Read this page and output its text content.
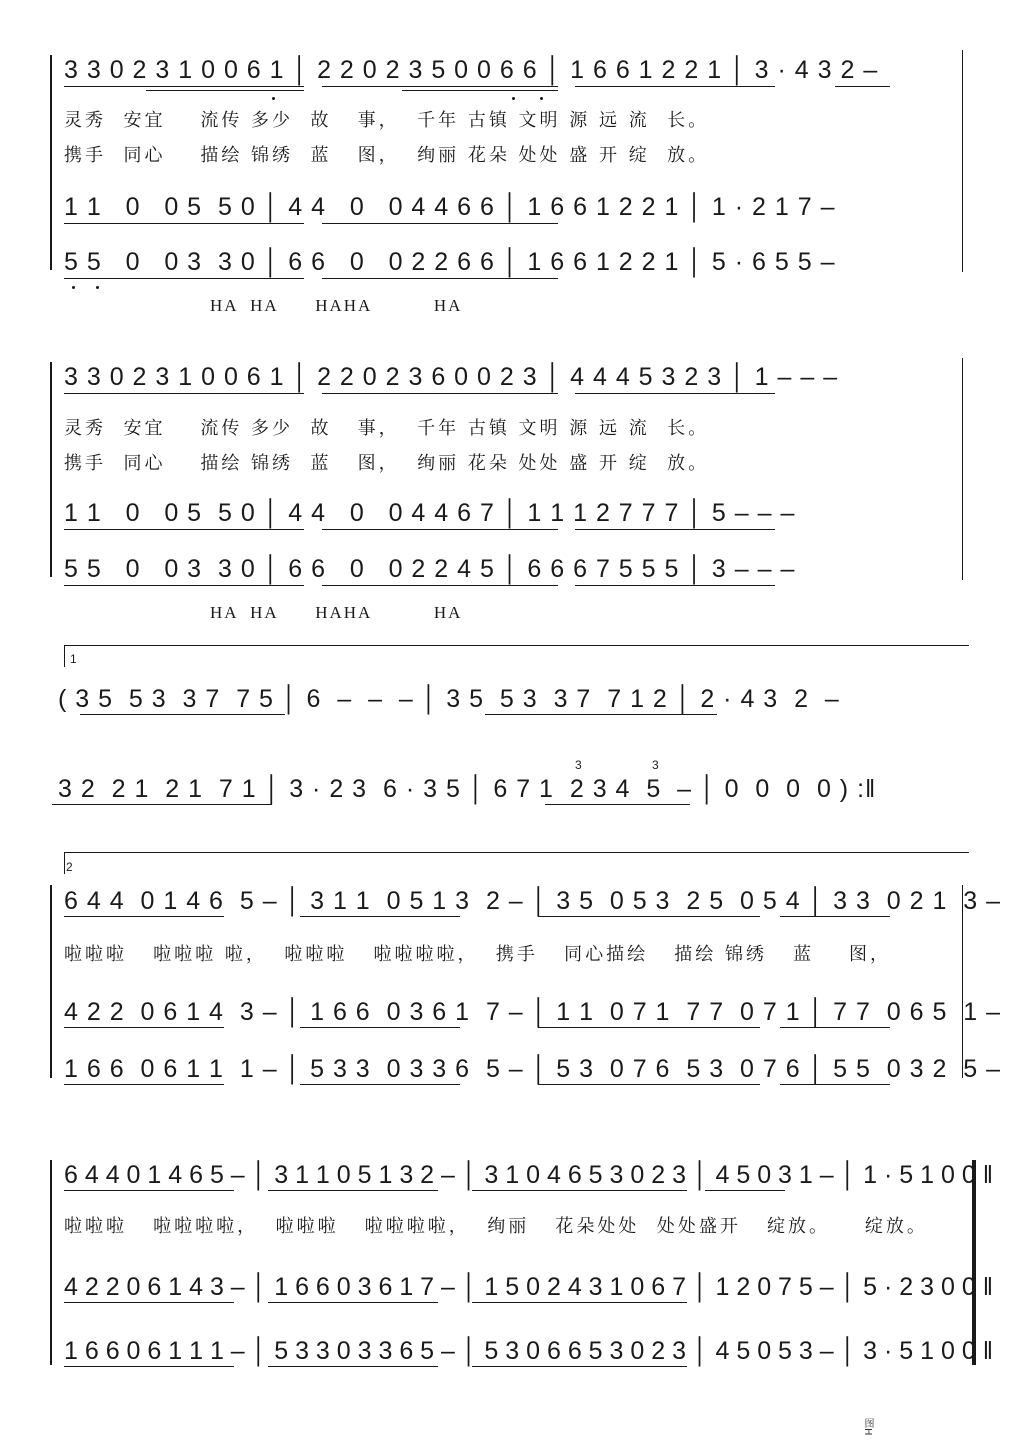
3 3 0 2 3 1 0 0 6 1 │ 2 2 0 2 3 5 0 0 6 6 │ 1 6 6 1 2 2 1 │ 3 · 4 3 2 –
灵秀  安宜    流传 多少  故   事，  千年 古镇 文明 源 远 流  长。
携手  同心    描绘 锦绣  蓝   图，  绚丽 花朵 处处 盛 开 绽  放。
1 1   0   0 5  5 0 │ 4 4   0   0 4 4 6 6 │ 1 6 6 1 2 2 1 │ 1 · 2 1 7 –
5 5   0   0 3  3 0 │ 6 6   0   0 2 2 6 6 │ 1 6 6 1 2 2 1 │ 5 · 6 5 5 –
HA  HA      HAHA          HA
3 3 0 2 3 1 0 0 6 1 │ 2 2 0 2 3 6 0 0 2 3 │ 4 4 4 5 3 2 3 │ 1 – – –
灵秀  安宜    流传 多少  故   事，  千年 古镇 文明 源 远 流  长。
携手  同心    描绘 锦绣  蓝   图，  绚丽 花朵 处处 盛 开 绽  放。
1 1   0   0 5  5 0 │ 4 4   0   0 4 4 6 7 │ 1 1 1 2 7 7 7 │ 5 – – –
5 5   0   0 3  3 0 │ 6 6   0   0 2 2 4 5 │ 6 6 6 7 5 5 5 │ 3 – – –
HA  HA      HAHA          HA
1
( 3 5  5 3  3 7  7 5 │ 6  –  –  – │ 3 5  5 3  3 7  7 1 2 │ 2 · 4 3  2  –
3 2  2 1  2 1  7 1 │ 3 · 2 3  6 · 3 5 │ 6 7 1  2 3 4  5  – │ 0  0  0  0 ) :‖
3	3
2
6 4 4  0 1 4 6  5 – │ 3 1 1  0 5 1 3  2 – │ 3 5  0 5 3  2 5  0 5 4 │ 3 3  0 2 1  3 –
啦啦啦   啦啦啦 啦，  啦啦啦   啦啦啦啦，  携手   同心描绘   描绘 锦绣   蓝    图，
4 2 2  0 6 1 4  3 – │ 1 6 6  0 3 6 1  7 – │ 1 1  0 7 1  7 7  0 7 1 │ 7 7  0 6 5  1 –
1 6 6  0 6 1 1  1 – │ 5 3 3  0 3 3 6  5 – │ 5 3  0 7 6  5 3  0 7 6 │ 5 5  0 3 2  5 –
6 4 4 0 1 4 6 5 – │ 3 1 1 0 5 1 3 2 – │ 3 1 0 4 6 5 3 0 2 3 │ 4 5 0 3 1 – │ 1 · 5 1 0 0 ‖
啦啦啦   啦啦啦啦，  啦啦啦   啦啦啦啦，  绚丽   花朵处处  处处盛开   绽放。    绽放。
4 2 2 0 6 1 4 3 – │ 1 6 6 0 3 6 1 7 – │ 1 5 0 2 4 3 1 0 6 7 │ 1 2 0 7 5 – │ 5 · 2 3 0 0 ‖
1 6 6 0 6 1 1 1 – │ 5 3 3 0 3 3 6 5 – │ 5 3 0 6 6 5 3 0 2 3 │ 4 5 0 5 3 – │ 3 · 5 1 0 0 ‖
图H
